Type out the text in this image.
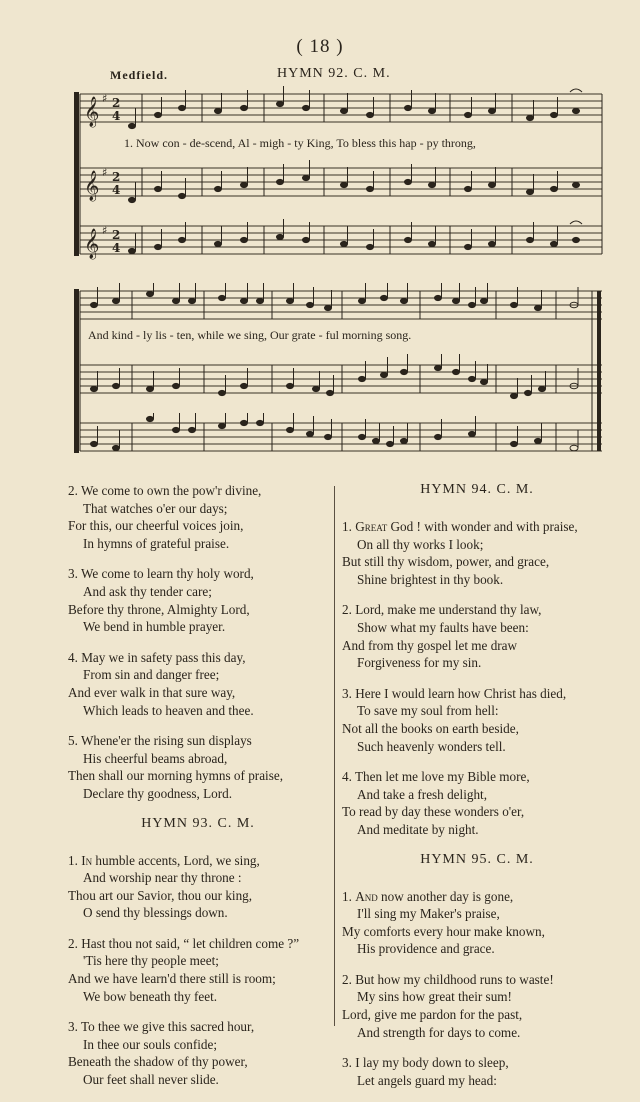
( 18 )
Medfield.	HYMN 92. C. M.
𝄞
𝄞
𝄞
♯
♯
♯
2
4
2
4
2
4
1. Now con - de-scend, Al - migh - ty King, To bless this hap - py throng,
And kind - ly lis - ten, while we sing, Our grate - ful morning song.
2. We come to own the pow'r divine,
That watches o'er our days;
For this, our cheerful voices join,
In hymns of grateful praise.
3. We come to learn thy holy word,
And ask thy tender care;
Before thy throne, Almighty Lord,
We bend in humble prayer.
4. May we in safety pass this day,
From sin and danger free;
And ever walk in that sure way,
Which leads to heaven and thee.
5. Whene'er the rising sun displays
His cheerful beams abroad,
Then shall our morning hymns of praise,
Declare thy goodness, Lord.
HYMN 93. C. M.
1. In humble accents, Lord, we sing,
And worship near thy throne :
Thou art our Savior, thou our king,
O send thy blessings down.
2. Hast thou not said, “ let children come ?”
'Tis here thy people meet;
And we have learn'd there still is room;
We bow beneath thy feet.
3. To thee we give this sacred hour,
In thee our souls confide;
Beneath the shadow of thy power,
Our feet shall never slide.
HYMN 94. C. M.
1. Great God ! with wonder and with praise,
On all thy works I look;
But still thy wisdom, power, and grace,
Shine brightest in thy book.
2. Lord, make me understand thy law,
Show what my faults have been:
And from thy gospel let me draw
Forgiveness for my sin.
3. Here I would learn how Christ has died,
To save my soul from hell:
Not all the books on earth beside,
Such heavenly wonders tell.
4. Then let me love my Bible more,
And take a fresh delight,
To read by day these wonders o'er,
And meditate by night.
HYMN 95. C. M.
1. And now another day is gone,
I'll sing my Maker's praise,
My comforts every hour make known,
His providence and grace.
2. But how my childhood runs to waste!
My sins how great their sum!
Lord, give me pardon for the past,
And strength for days to come.
3. I lay my body down to sleep,
Let angels guard my head:
